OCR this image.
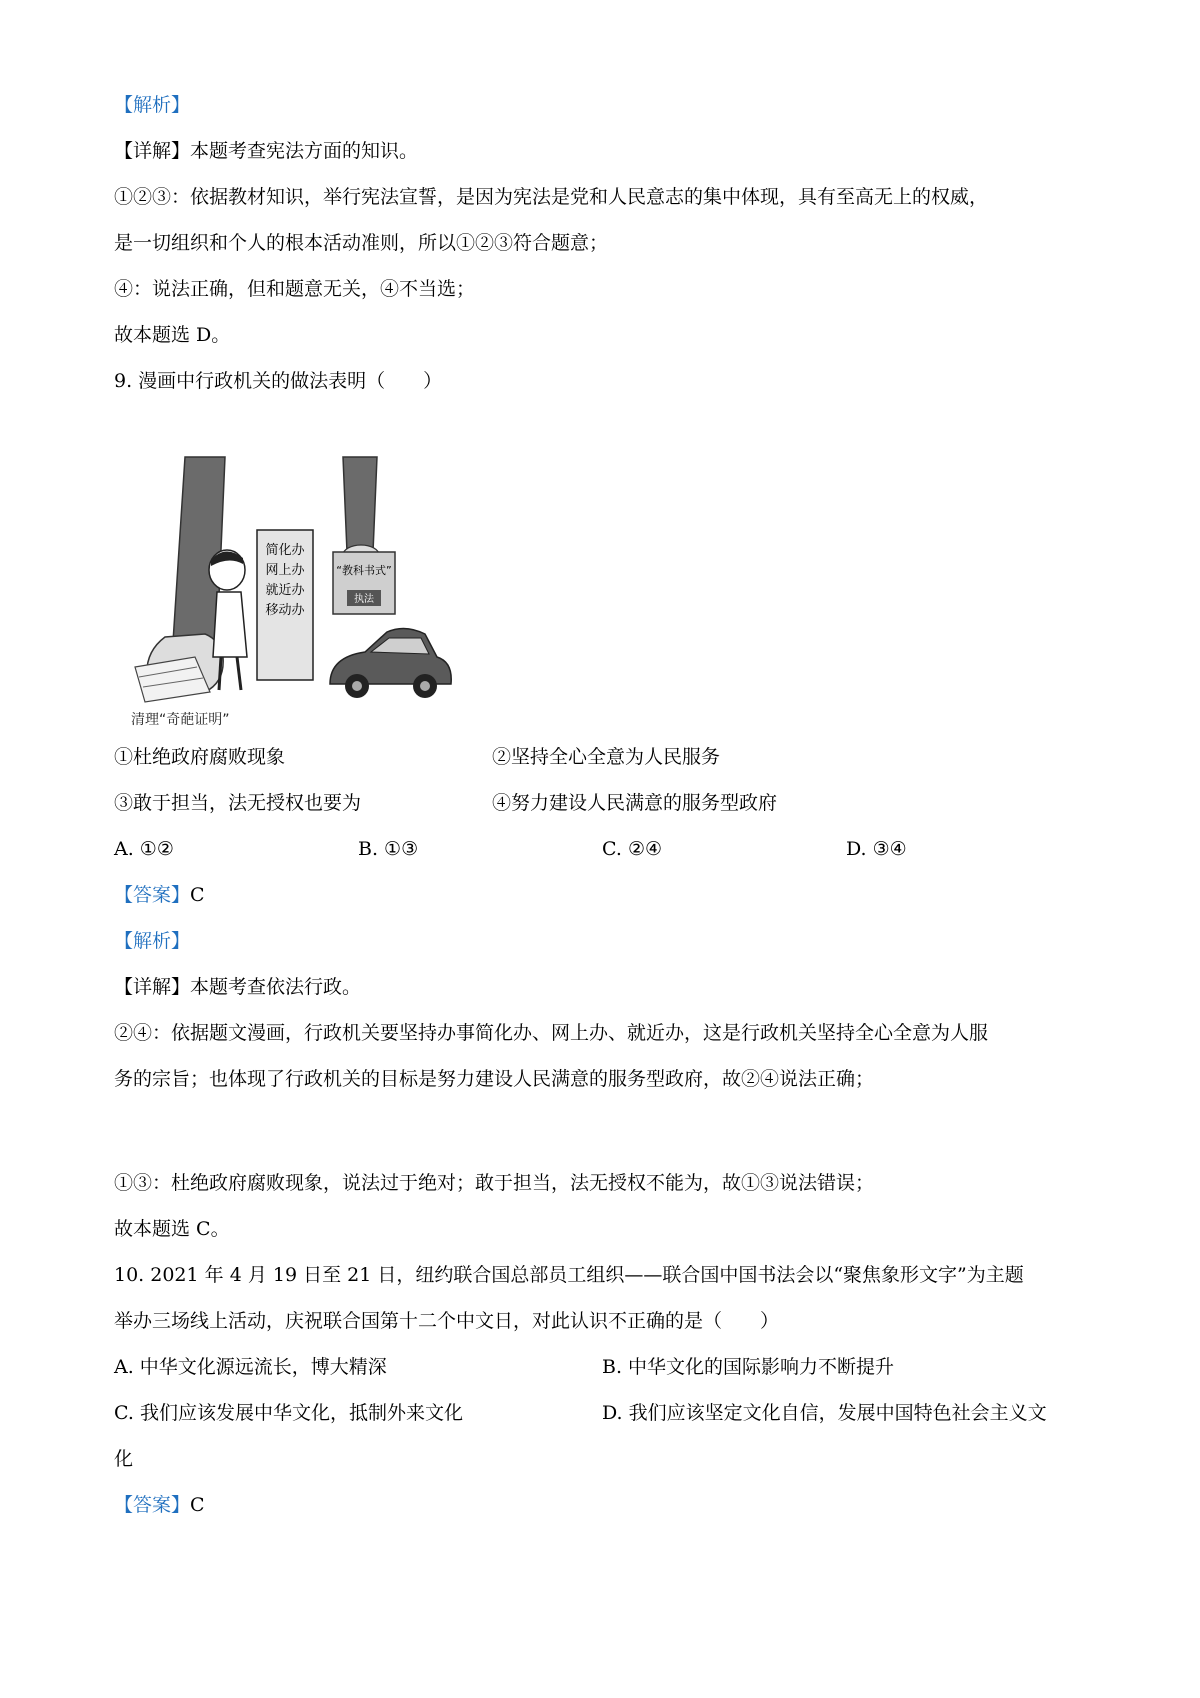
【解析】
【详解】本题考查宪法方面的知识。
①②③：依据教材知识，举行宪法宣誓，是因为宪法是党和人民意志的集中体现，具有至高无上的权威，
是一切组织和个人的根本活动准则，所以①②③符合题意；
④：说法正确，但和题意无关，④不当选；
故本题选 D。
9. 漫画中行政机关的做法表明（　　）
“教科书式”
执法
简化办
网上办
就近办
移动办
清理“奇葩证明”
①杜绝政府腐败现象	②坚持全心全意为人民服务
③敢于担当，法无授权也要为	④努力建设人民满意的服务型政府
A. ①②	B. ①③	C. ②④	D. ③④
【答案】C
【解析】
【详解】本题考查依法行政。
②④：依据题文漫画，行政机关要坚持办事简化办、网上办、就近办，这是行政机关坚持全心全意为人服
务的宗旨；也体现了行政机关的目标是努力建设人民满意的服务型政府，故②④说法正确；
①③：杜绝政府腐败现象，说法过于绝对；敢于担当，法无授权不能为，故①③说法错误；
故本题选 C。
10. 2021 年 4 月 19 日至 21 日，纽约联合国总部员工组织——联合国中国书法会以“聚焦象形文字”为主题
举办三场线上活动，庆祝联合国第十二个中文日，对此认识不正确的是（　　）
A. 中华文化源远流长，博大精深	B. 中华文化的国际影响力不断提升
C. 我们应该发展中华文化，抵制外来文化	D. 我们应该坚定文化自信，发展中国特色社会主义文
化
【答案】C
